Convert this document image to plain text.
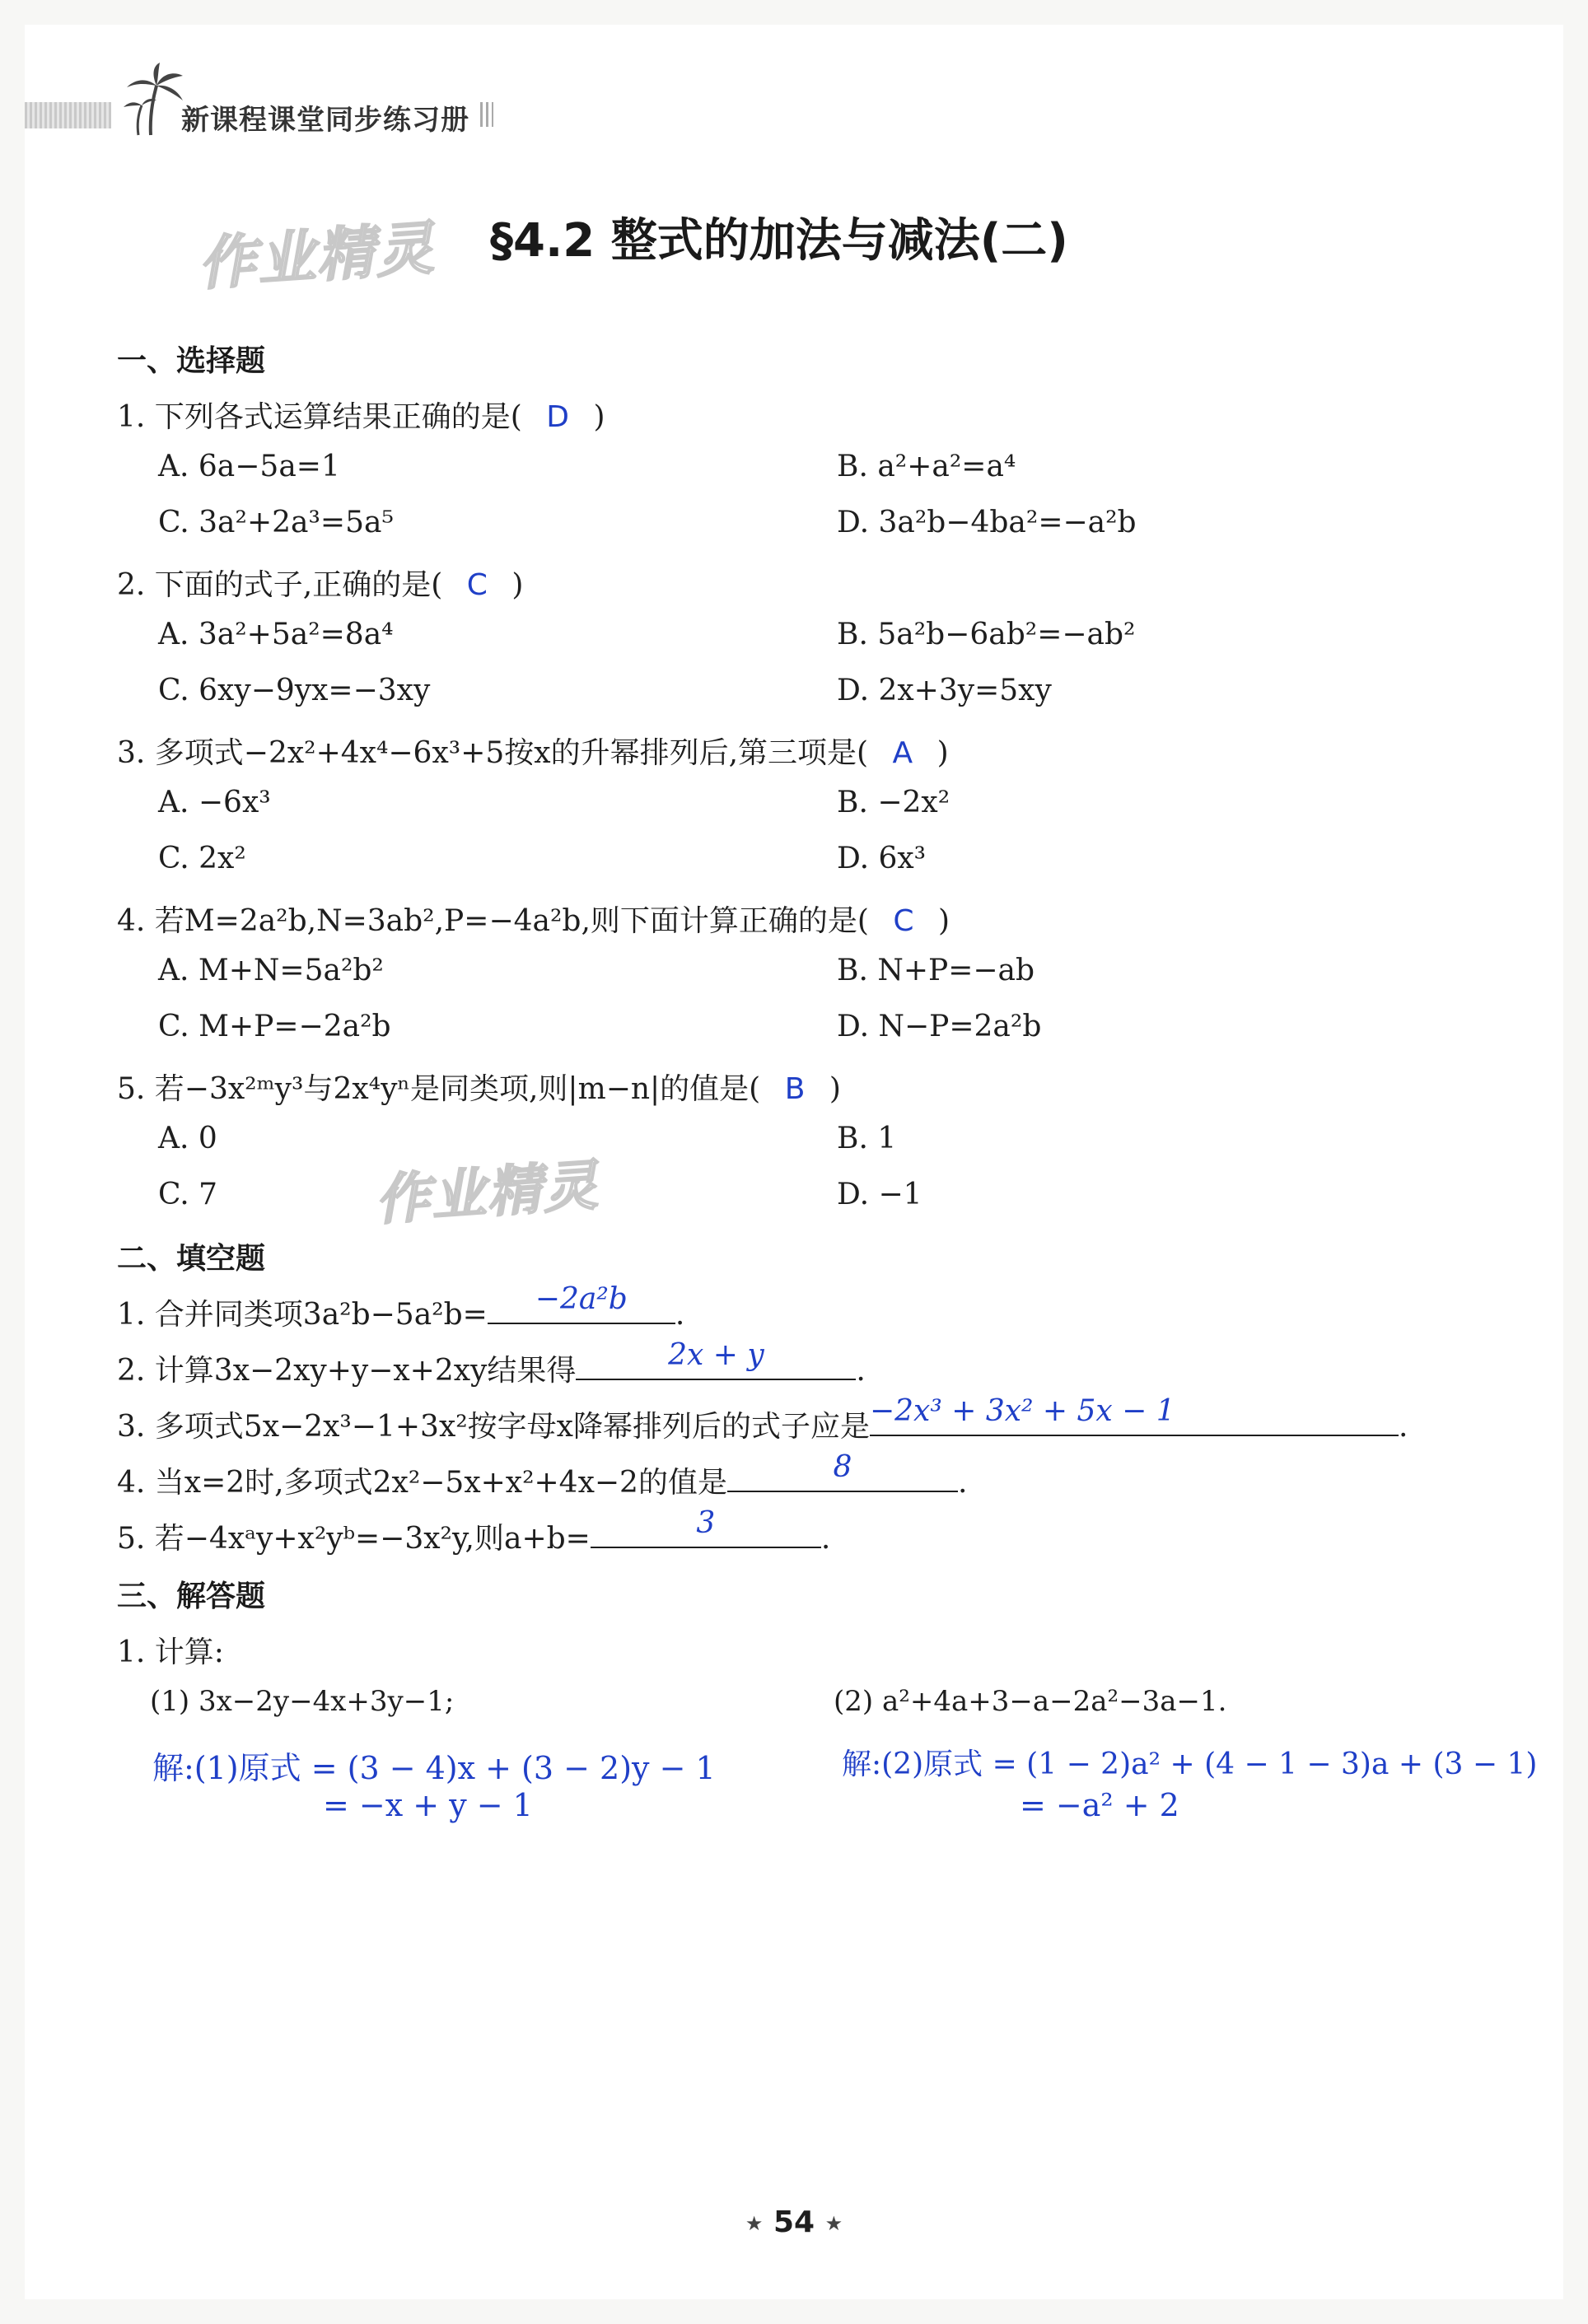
新课程课堂同步练习册
作业精灵
作业精灵
§4.2 整式的加法与减法(二)
一、选择题
1. 下列各式运算结果正确的是( D )
A. 6a−5a=1	B. a²+a²=a⁴
C. 3a²+2a³=5a⁵	D. 3a²b−4ba²=−a²b
2. 下面的式子,正确的是( C )
A. 3a²+5a²=8a⁴	B. 5a²b−6ab²=−ab²
C. 6xy−9yx=−3xy	D. 2x+3y=5xy
3. 多项式−2x²+4x⁴−6x³+5按x的升幂排列后,第三项是( A )
A. −6x³	B. −2x²
C. 2x²	D. 6x³
4. 若M=2a²b,N=3ab²,P=−4a²b,则下面计算正确的是( C )
A. M+N=5a²b²	B. N+P=−ab
C. M+P=−2a²b	D. N−P=2a²b
5. 若−3x²ᵐy³与2x⁴yⁿ是同类项,则|m−n|的值是( B )
A. 0	B. 1
C. 7	D. −1
二、填空题
1. 合并同类项3a²b−5a²b=	−2a²b	.
2. 计算3x−2xy+y−x+2xy结果得	2x + y	.
3. 多项式5x−2x³−1+3x²按字母x降幂排列后的式子应是 −2x³ + 3x² + 5x − 1	.
4. 当x=2时,多项式2x²−5x+x²+4x−2的值是	8	.
5. 若−4xᵃy+x²yᵇ=−3x²y,则a+b=	3	.
三、解答题
1. 计算:
(1) 3x−2y−4x+3y−1;	(2) a²+4a+3−a−2a²−3a−1.
解:(1)原式 = (3 − 4)x + (3 − 2)y − 1
= −x + y − 1
解:(2)原式 = (1 − 2)a² + (4 − 1 − 3)a + (3 − 1)
= −a² + 2
★ 54 ★
